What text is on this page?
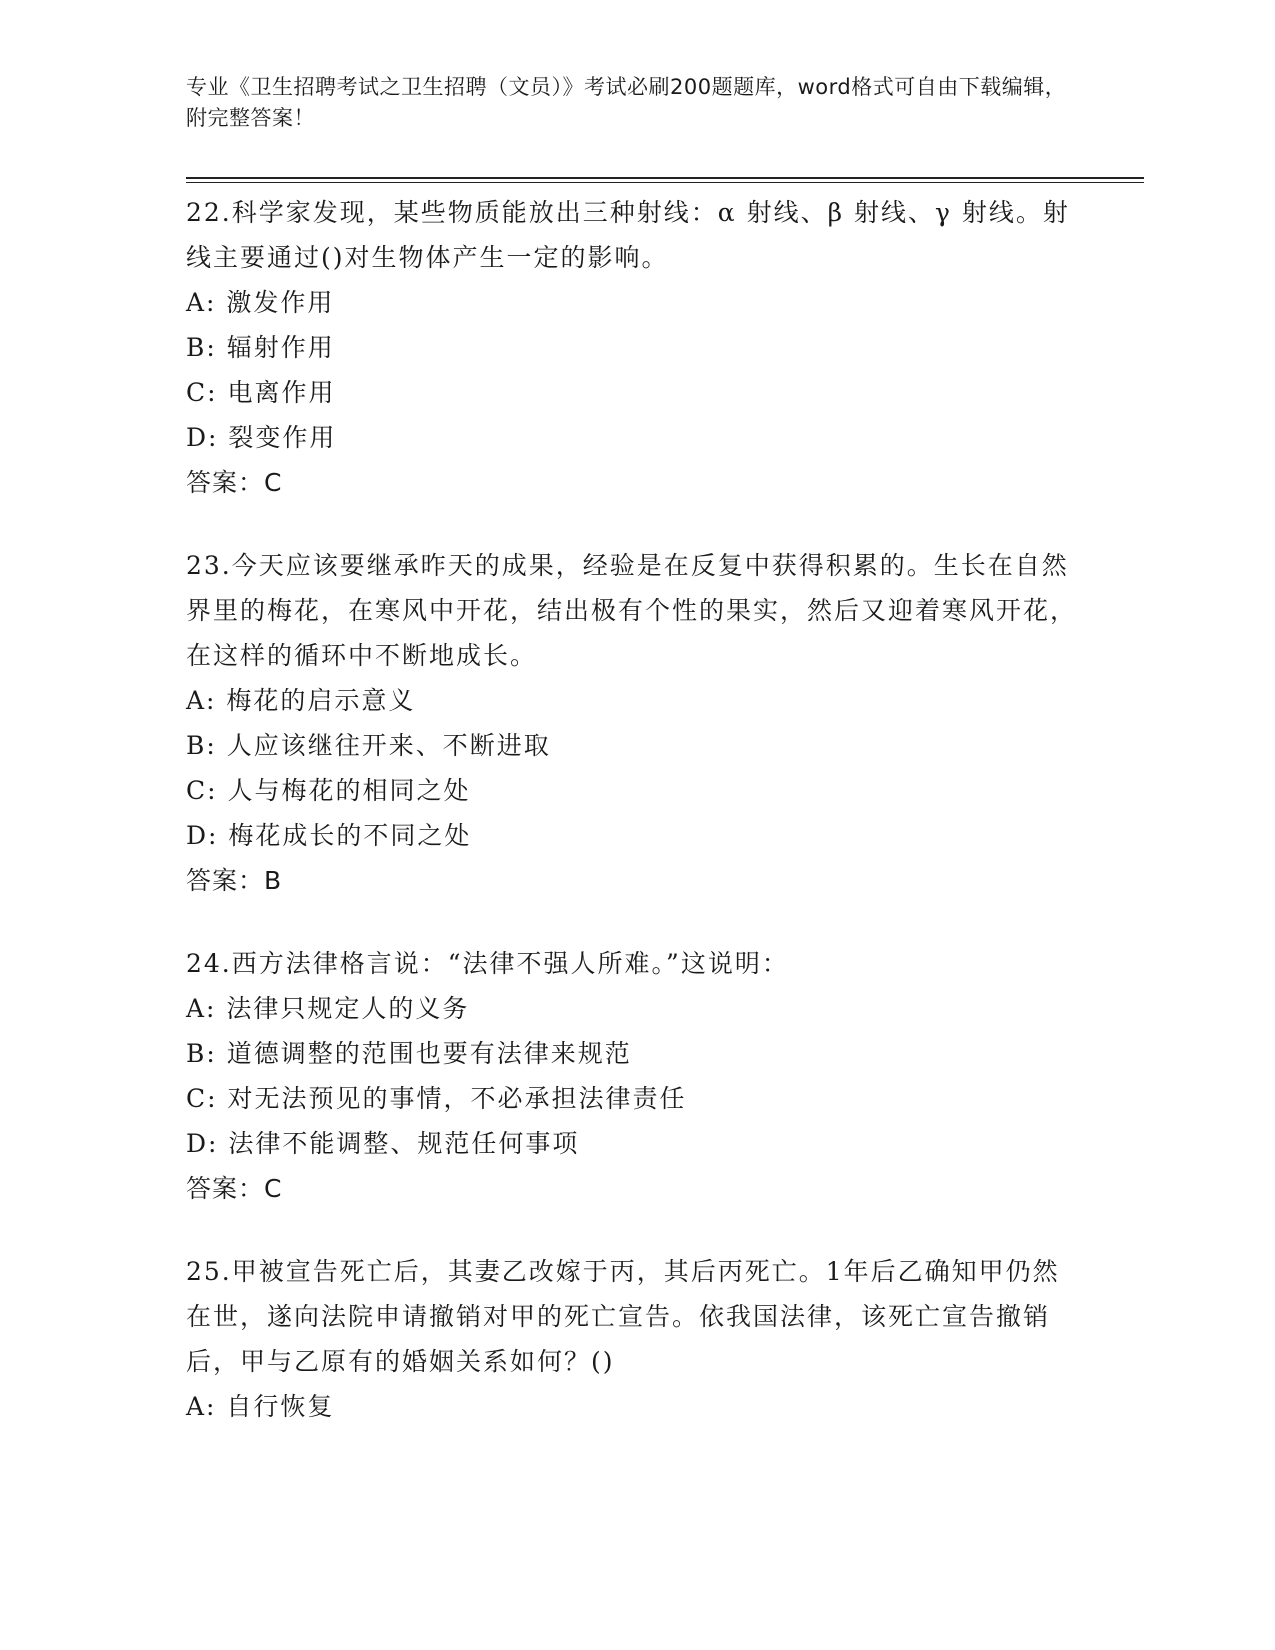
专业《卫生招聘考试之卫生招聘（文员）》考试必刷200题题库，word格式可自由下载编辑，附完整答案！

22.科学家发现，某些物质能放出三种射线：α 射线、β 射线、γ 射线。射线主要通过()对生物体产生一定的影响。

A: 激发作用

B: 辐射作用

C: 电离作用

D: 裂变作用

答案：C

23.今天应该要继承昨天的成果，经验是在反复中获得积累的。生长在自然界里的梅花，在寒风中开花，结出极有个性的果实，然后又迎着寒风开花，在这样的循环中不断地成长。

A: 梅花的启示意义

B: 人应该继往开来、不断进取

C: 人与梅花的相同之处

D: 梅花成长的不同之处

答案：B

24.西方法律格言说：“法律不强人所难。”这说明：

A: 法律只规定人的义务

B: 道德调整的范围也要有法律来规范

C: 对无法预见的事情，不必承担法律责任

D: 法律不能调整、规范任何事项

答案：C

25.甲被宣告死亡后，其妻乙改嫁于丙，其后丙死亡。1年后乙确知甲仍然在世，遂向法院申请撤销对甲的死亡宣告。依我国法律，该死亡宣告撤销后，甲与乙原有的婚姻关系如何？()

A: 自行恢复
